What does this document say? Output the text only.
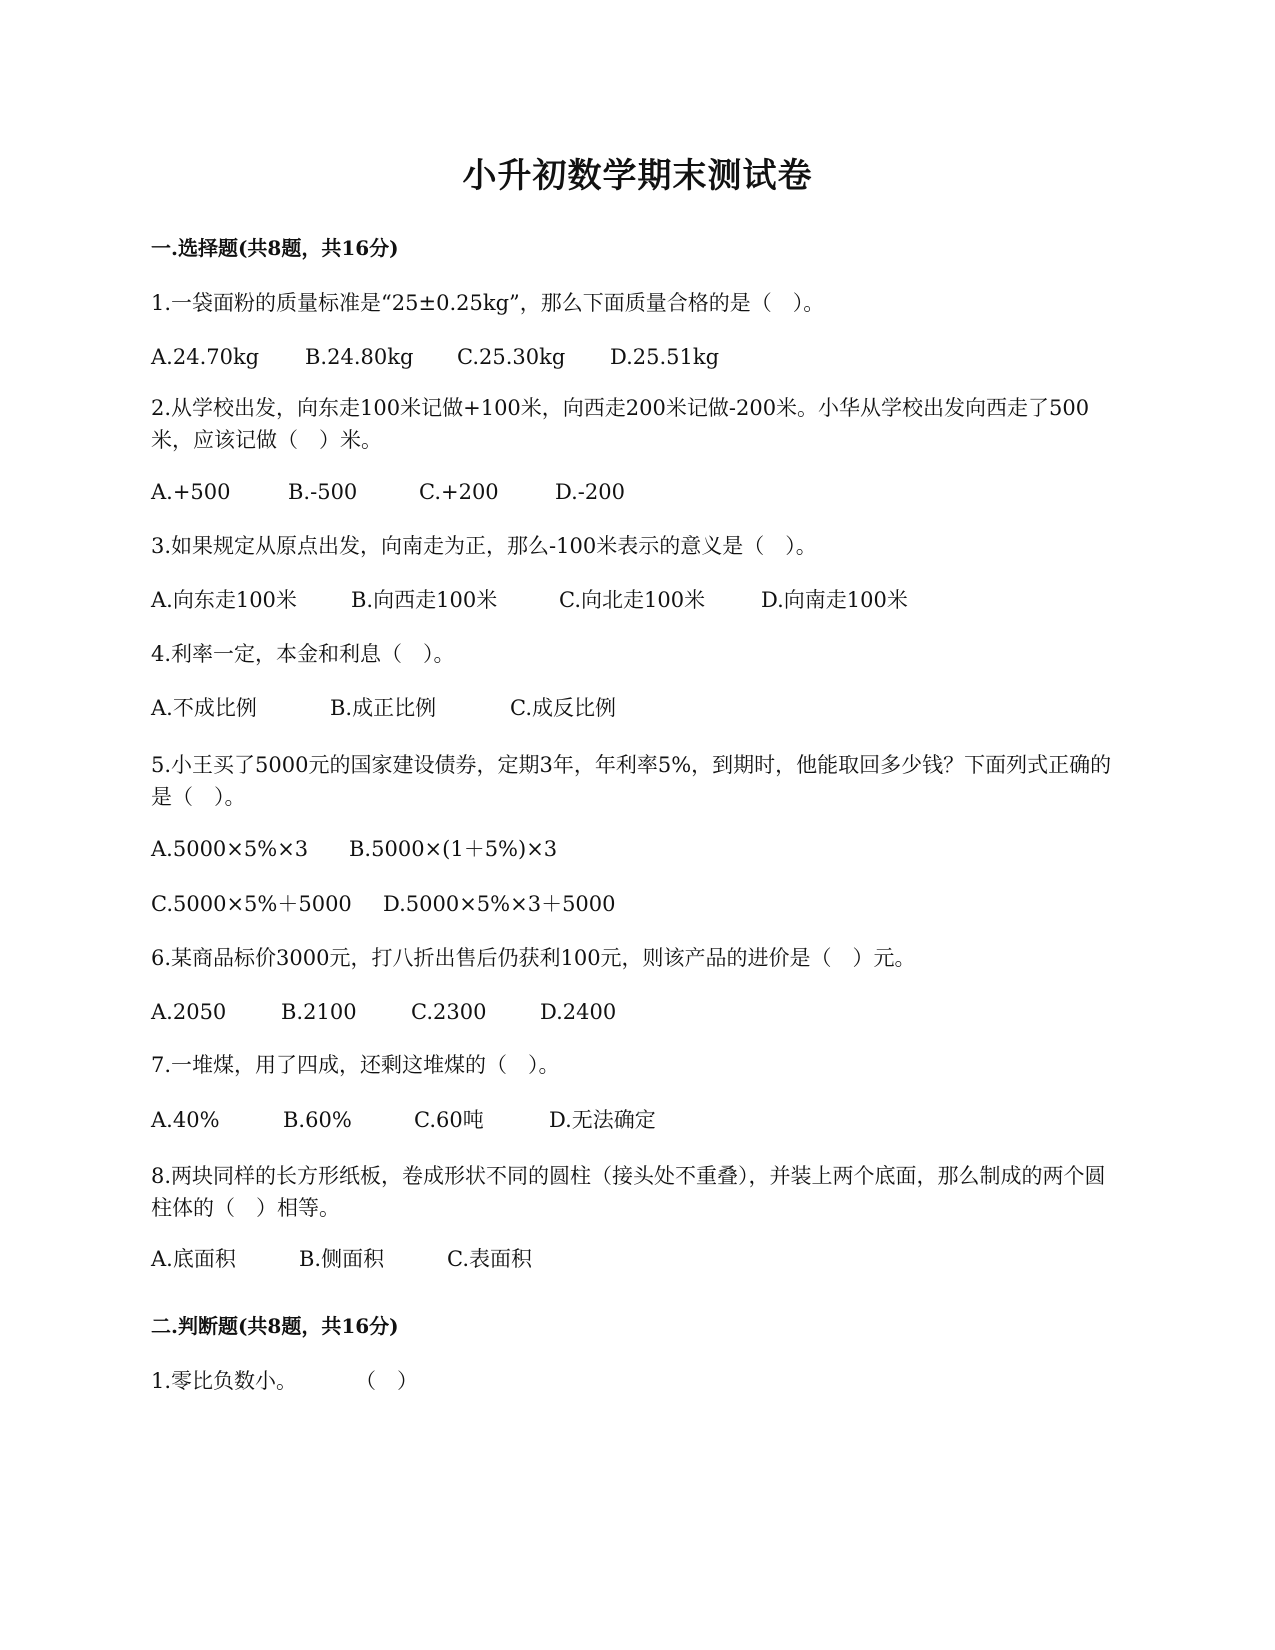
小升初数学期末测试卷
一.选择题(共8题，共16分)
1.一袋面粉的质量标准是“25±0.25kg”，那么下面质量合格的是（　）。
A.24.70kg B.24.80kg C.25.30kg D.25.51kg
2.从学校出发，向东走100米记做+100米，向西走200米记做-200米。小华从学校出发向西走了500米，应该记做（　）米。
A.+500	B.-500	C.+200	D.-200
3.如果规定从原点出发，向南走为正，那么-100米表示的意义是（　）。
A.向东走100米	B.向西走100米	C.向北走100米	D.向南走100米
4.利率一定，本金和利息（　）。
A.不成比例	B.成正比例	C.成反比例
5.小王买了5000元的国家建设债券，定期3年，年利率5%，到期时，他能取回多少钱？下面列式正确的是（　）。
A.5000×5%×3 B.5000×(1＋5%)×3
C.5000×5%＋5000 D.5000×5%×3＋5000
6.某商品标价3000元，打八折出售后仍获利100元，则该产品的进价是（　）元。
A.2050	B.2100	C.2300	D.2400
7.一堆煤，用了四成，还剩这堆煤的（　）。
A.40%	B.60%	C.60吨	D.无法确定
8.两块同样的长方形纸板，卷成形状不同的圆柱（接头处不重叠），并装上两个底面，那么制成的两个圆柱体的（　）相等。
A.底面积	B.侧面积	C.表面积
二.判断题(共8题，共16分)
1.零比负数小。	（　）
